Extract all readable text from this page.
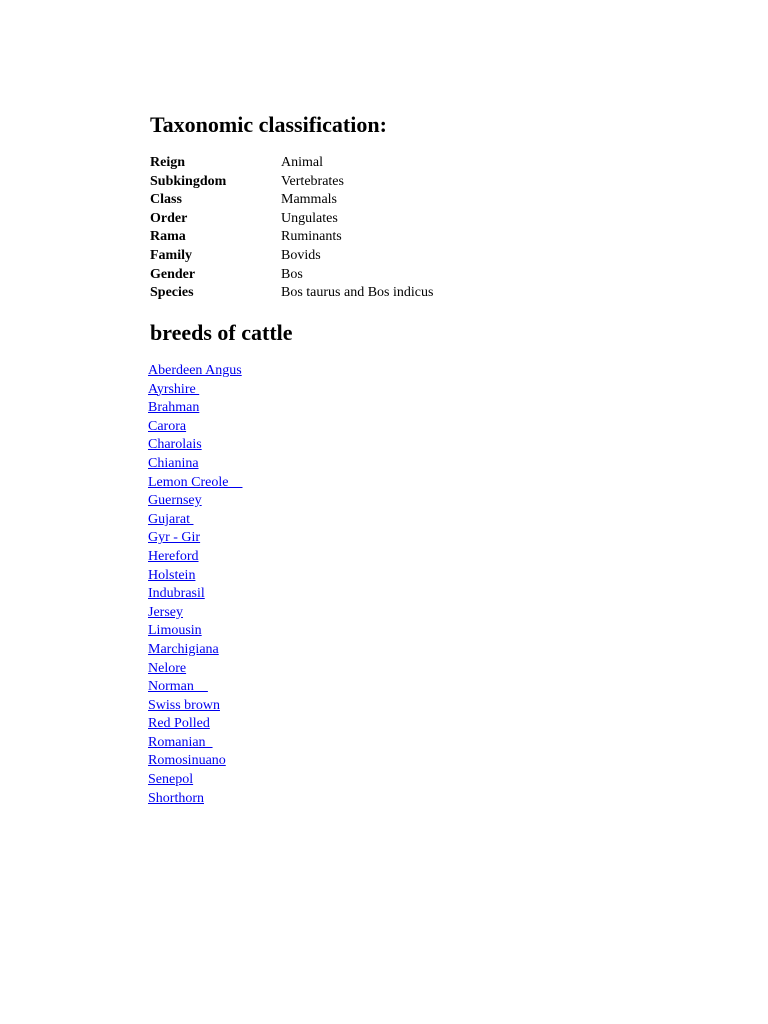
Taxonomic classification:
Reign	Animal
Subkingdom	Vertebrates
Class	Mammals
Order	Ungulates
Rama	Ruminants
Family	Bovids
Gender	Bos
Species	Bos taurus and Bos indicus
breeds of cattle
Aberdeen Angus
Ayrshire
Brahman
Carora
Charolais
Chianina
Lemon Creole
Guernsey
Gujarat
Gyr - Gir
Hereford
Holstein
Indubrasil
Jersey
Limousin
Marchigiana
Nelore
Norman
Swiss brown
Red Polled
Romanian
Romosinuano
Senepol
Shorthorn
